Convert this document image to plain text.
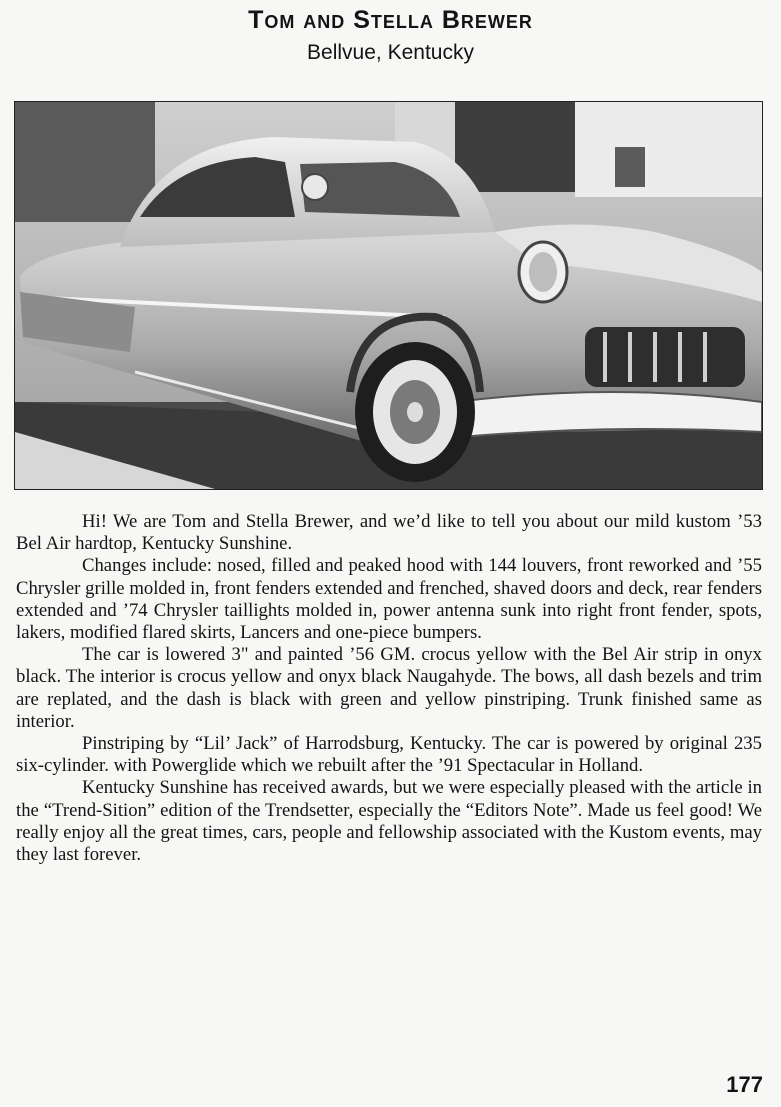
Tom and Stella Brewer
Bellvue, Kentucky

Hi! We are Tom and Stella Brewer, and we’d like to tell you about our mild kustom ’53 Bel Air hardtop, Kentucky Sunshine.

Changes include: nosed, filled and peaked hood with 144 louvers, front reworked and ’55 Chrysler grille molded in, front fenders extended and frenched, shaved doors and deck, rear fenders extended and ’74 Chrysler taillights molded in, power antenna sunk into right front fender, spots, lakers, modified flared skirts, Lancers and one-piece bumpers.

The car is lowered 3" and painted ’56 GM. crocus yellow with the Bel Air strip in onyx black. The interior is crocus yellow and onyx black Naugahyde. The bows, all dash bezels and trim are replated, and the dash is black with green and yellow pinstriping. Trunk finished same as interior.

Pinstriping by “Lil’ Jack” of Harrodsburg, Kentucky. The car is powered by original 235 six-cylinder. with Powerglide which we rebuilt after the ’91 Spectacular in Holland.

Kentucky Sunshine has received awards, but we were especially pleased with the article in the “Trend-Sition” edition of the Trendsetter, especially the “Editors Note”. Made us feel good! We really enjoy all the great times, cars, people and fellowship associated with the Kustom events, may they last forever.

177
